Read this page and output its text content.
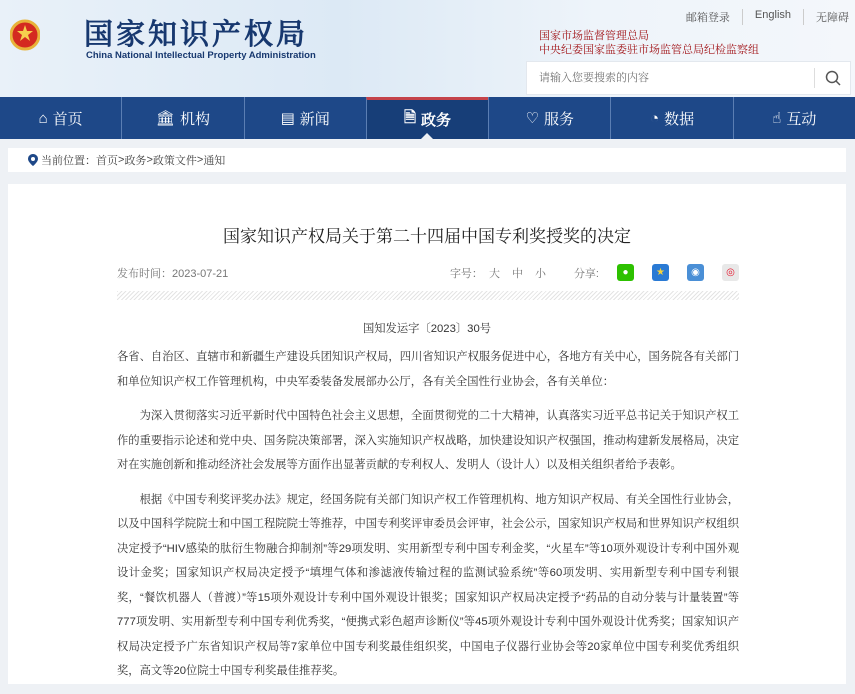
国家知识产权局
China National Intellectual Property Administration
邮箱登录	English	无障碍
国家市场监督管理总局
中央纪委国家监委驻市场监管总局纪检监察组
请输入您要搜索的内容
⌂ 首页	🏛︎ 机构	▤ 新闻	🗎︎ 政务	♡ 服务	◔ 数据	☝︎ 互动
当前位置： 首页 > 政务 > 政策文件 > 通知
国家知识产权局关于第二十四届中国专利奖授奖的决定
发布时间：2023-07-21	字号： 大 中 小	分享:	●	★	◉	◎
国知发运字〔2023〕30号

各省、自治区、直辖市和新疆生产建设兵团知识产权局，四川省知识产权服务促进中心，各地方有关中心，国务院各有关部门和单位知识产权工作管理机构，中央军委装备发展部办公厅，各有关全国性行业协会，各有关单位：

为深入贯彻落实习近平新时代中国特色社会主义思想，全面贯彻党的二十大精神，认真落实习近平总书记关于知识产权工作的重要指示论述和党中央、国务院决策部署，深入实施知识产权战略，加快建设知识产权强国，推动构建新发展格局，决定对在实施创新和推动经济社会发展等方面作出显著贡献的专利权人、发明人（设计人）以及相关组织者给予表彰。

根据《中国专利奖评奖办法》规定，经国务院有关部门知识产权工作管理机构、地方知识产权局、有关全国性行业协会，以及中国科学院院士和中国工程院院士等推荐，中国专利奖评审委员会评审，社会公示，国家知识产权局和世界知识产权组织决定授予“HIV感染的肽衍生物融合抑制剂”等29项发明、实用新型专利中国专利金奖，“火星车”等10项外观设计专利中国外观设计金奖；国家知识产权局决定授予“填埋气体和渗滤液传输过程的监测试验系统”等60项发明、实用新型专利中国专利银奖，“餐饮机器人（普渡）”等15项外观设计专利中国外观设计银奖；国家知识产权局决定授予“药品的自动分装与计量装置”等777项发明、实用新型专利中国专利优秀奖，“便携式彩色超声诊断仪”等45项外观设计专利中国外观设计优秀奖；国家知识产权局决定授予广东省知识产权局等7家单位中国专利奖最佳组织奖，中国电子仪器行业协会等20家单位中国专利奖优秀组织奖，高文等20位院士中国专利奖最佳推荐奖。
